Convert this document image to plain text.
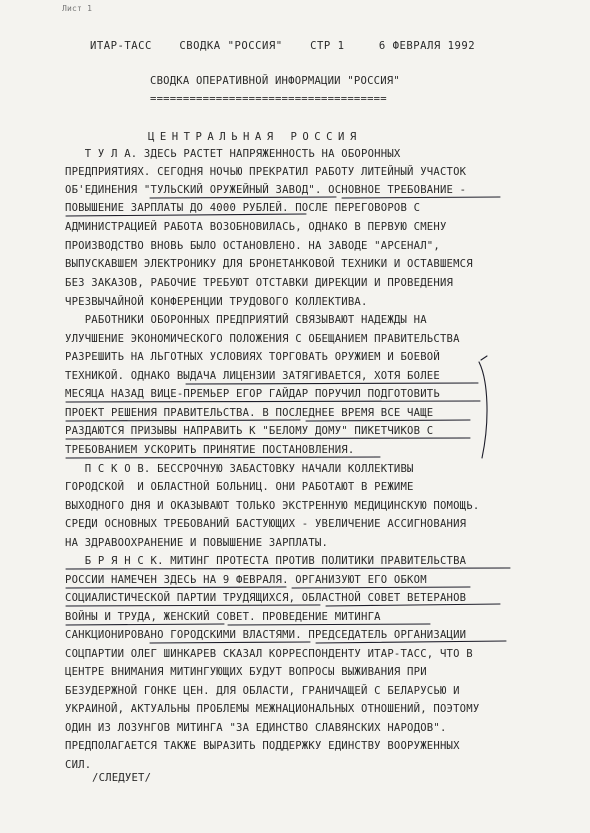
Лист 1
ИТАР-ТАСС	СВОДКА "РОССИЯ"	СТР 1	6 ФЕВРАЛЯ 1992
СВОДКА ОПЕРАТИВНОЙ ИНФОРМАЦИИ "РОССИЯ"
====================================
ЦЕНТРАЛЬНАЯ РОССИЯ
Т У Л А. ЗДЕСЬ РАСТЕТ НАПРЯЖЕННОСТЬ НА ОБОРОННЫХ
ПРЕДПРИЯТИЯХ. СЕГОДНЯ НОЧЬЮ ПРЕКРАТИЛ РАБОТУ ЛИТЕЙНЫЙ УЧАСТОК
ОБ'ЕДИНЕНИЯ "ТУЛЬСКИЙ ОРУЖЕЙНЫЙ ЗАВОД". ОСНОВНОЕ ТРЕБОВАНИЕ -
ПОВЫШЕНИЕ ЗАРПЛАТЫ ДО 4000 РУБЛЕЙ. ПОСЛЕ ПЕРЕГОВОРОВ С
АДМИНИСТРАЦИЕЙ РАБОТА ВОЗОБНОВИЛАСЬ, ОДНАКО В ПЕРВУЮ СМЕНУ
ПРОИЗВОДСТВО ВНОВЬ БЫЛО ОСТАНОВЛЕНО. НА ЗАВОДЕ "АРСЕНАЛ",
ВЫПУСКАВШЕМ ЭЛЕКТРОНИКУ ДЛЯ БРОНЕТАНКОВОЙ ТЕХНИКИ И ОСТАВШЕМСЯ
БЕЗ ЗАКАЗОВ, РАБОЧИЕ ТРЕБУЮТ ОТСТАВКИ ДИРЕКЦИИ И ПРОВЕДЕНИЯ
ЧРЕЗВЫЧАЙНОЙ КОНФЕРЕНЦИИ ТРУДОВОГО КОЛЛЕКТИВА.
РАБОТНИКИ ОБОРОННЫХ ПРЕДПРИЯТИЙ СВЯЗЫВАЮТ НАДЕЖДЫ НА
УЛУЧШЕНИЕ ЭКОНОМИЧЕСКОГО ПОЛОЖЕНИЯ С ОБЕЩАНИЕМ ПРАВИТЕЛЬСТВА
РАЗРЕШИТЬ НА ЛЬГОТНЫХ УСЛОВИЯХ ТОРГОВАТЬ ОРУЖИЕМ И БОЕВОЙ
ТЕХНИКОЙ. ОДНАКО ВЫДАЧА ЛИЦЕНЗИИ ЗАТЯГИВАЕТСЯ, ХОТЯ БОЛЕЕ
МЕСЯЦА НАЗАД ВИЦЕ-ПРЕМЬЕР ЕГОР ГАЙДАР ПОРУЧИЛ ПОДГОТОВИТЬ
ПРОЕКТ РЕШЕНИЯ ПРАВИТЕЛЬСТВА. В ПОСЛЕДНЕЕ ВРЕМЯ ВСЕ ЧАЩЕ
РАЗДАЮТСЯ ПРИЗЫВЫ НАПРАВИТЬ К "БЕЛОМУ ДОМУ" ПИКЕТЧИКОВ С
ТРЕБОВАНИЕМ УСКОРИТЬ ПРИНЯТИЕ ПОСТАНОВЛЕНИЯ.
П С К О В. БЕССРОЧНУЮ ЗАБАСТОВКУ НАЧАЛИ КОЛЛЕКТИВЫ
ГОРОДСКОЙ  И ОБЛАСТНОЙ БОЛЬНИЦ. ОНИ РАБОТАЮТ В РЕЖИМЕ
ВЫХОДНОГО ДНЯ И ОКАЗЫВАЮТ ТОЛЬКО ЭКСТРЕННУЮ МЕДИЦИНСКУЮ ПОМОЩЬ.
СРЕДИ ОСНОВНЫХ ТРЕБОВАНИЙ БАСТУЮЩИХ - УВЕЛИЧЕНИЕ АССИГНОВАНИЯ
НА ЗДРАВООХРАНЕНИЕ И ПОВЫШЕНИЕ ЗАРПЛАТЫ.
Б Р Я Н С К. МИТИНГ ПРОТЕСТА ПРОТИВ ПОЛИТИКИ ПРАВИТЕЛЬСТВА
РОССИИ НАМЕЧЕН ЗДЕСЬ НА 9 ФЕВРАЛЯ. ОРГАНИЗУЮТ ЕГО ОБКОМ
СОЦИАЛИСТИЧЕСКОЙ ПАРТИИ ТРУДЯЩИХСЯ, ОБЛАСТНОЙ СОВЕТ ВЕТЕРАНОВ
ВОЙНЫ И ТРУДА, ЖЕНСКИЙ СОВЕТ. ПРОВЕДЕНИЕ МИТИНГА
САНКЦИОНИРОВАНО ГОРОДСКИМИ ВЛАСТЯМИ. ПРЕДСЕДАТЕЛЬ ОРГАНИЗАЦИИ
СОЦПАРТИИ ОЛЕГ ШИНКАРЕВ СКАЗАЛ КОРРЕСПОНДЕНТУ ИТАР-ТАСС, ЧТО В
ЦЕНТРЕ ВНИМАНИЯ МИТИНГУЮЩИХ БУДУТ ВОПРОСЫ ВЫЖИВАНИЯ ПРИ
БЕЗУДЕРЖНОЙ ГОНКЕ ЦЕН. ДЛЯ ОБЛАСТИ, ГРАНИЧАЩЕЙ С БЕЛАРУСЬЮ И
УКРАИНОЙ, АКТУАЛЬНЫ ПРОБЛЕМЫ МЕЖНАЦИОНАЛЬНЫХ ОТНОШЕНИЙ, ПОЭТОМУ
ОДИН ИЗ ЛОЗУНГОВ МИТИНГА "ЗА ЕДИНСТВО СЛАВЯНСКИХ НАРОДОВ".
ПРЕДПОЛАГАЕТСЯ ТАКЖЕ ВЫРАЗИТЬ ПОДДЕРЖКУ ЕДИНСТВУ ВООРУЖЕННЫХ
СИЛ.
/СЛЕДУЕТ/
